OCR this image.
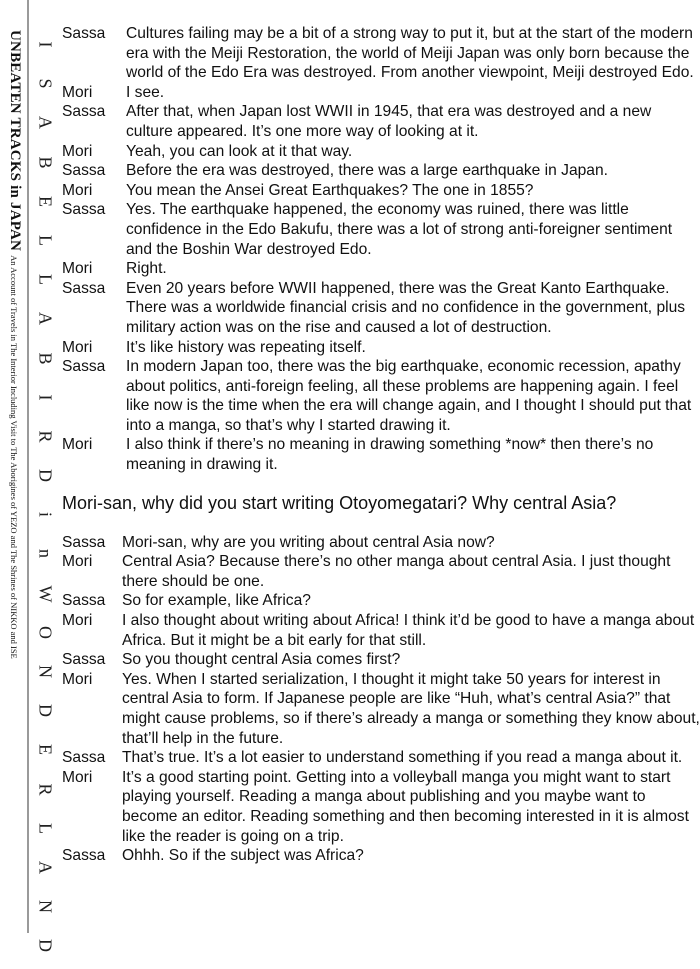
UNBEATEN TRACKS in JAPANAn Account of Travels in The Interior Including Visit to The Aborigines of YEZO and The Shrines of NIKKO and ISE
I
S
A
B
E
L
L
A
B
I
R
D
i
n
W
O
N
D
E
R
L
A
N
D
Sassa	Cultures failing may be a bit of a strong way to put it, but at the start of the modern era with the Meiji Restoration, the world of Meiji Japan was only born because the world of the Edo Era was destroyed. From another viewpoint, Meiji destroyed Edo.
Mori	I see.
Sassa	After that, when Japan lost WWII in 1945, that era was destroyed and a new culture appeared. It’s one more way of looking at it.
Mori	Yeah, you can look at it that way.
Sassa	Before the era was destroyed, there was a large earthquake in Japan.
Mori	You mean the Ansei Great Earthquakes? The one in 1855?
Sassa	Yes. The earthquake happened, the economy was ruined, there was little confidence in the Edo Bakufu, there was a lot of strong anti-foreigner sentiment and the Boshin War destroyed Edo.
Mori	Right.
Sassa	Even 20 years before WWII happened, there was the Great Kanto Earthquake. There was a worldwide financial crisis and no confidence in the government, plus military action was on the rise and caused a lot of destruction.
Mori	It’s like history was repeating itself.
Sassa	In modern Japan too, there was the big earthquake, economic recession, apathy about politics, anti-foreign feeling, all these problems are happening again. I feel like now is the time when the era will change again, and I thought I should put that into a manga, so that’s why I started drawing it.
Mori	I also think if there’s no meaning in drawing something *now* then there’s no meaning in drawing it.
Mori-san, why did you start writing Otoyomegatari? Why central Asia?
Sassa	Mori-san, why are you writing about central Asia now?
Mori	Central Asia? Because there’s no other manga about central Asia. I just thought there should be one.
Sassa	So for example, like Africa?
Mori	I also thought about writing about Africa! I think it’d be good to have a manga about Africa. But it might be a bit early for that still.
Sassa	So you thought central Asia comes first?
Mori	Yes. When I started serialization, I thought it might take 50 years for interest in central Asia to form. If Japanese people are like “Huh, what’s central Asia?” that might cause problems, so if there’s already a manga or something they know about, that’ll help in the future.
Sassa	That’s true. It’s a lot easier to understand something if you read a manga about it.
Mori	It’s a good starting point. Getting into a volleyball manga you might want to start playing yourself. Reading a manga about publishing and you maybe want to become an editor. Reading something and then becoming interested in it is almost like the reader is going on a trip.
Sassa	Ohhh. So if the subject was Africa?
